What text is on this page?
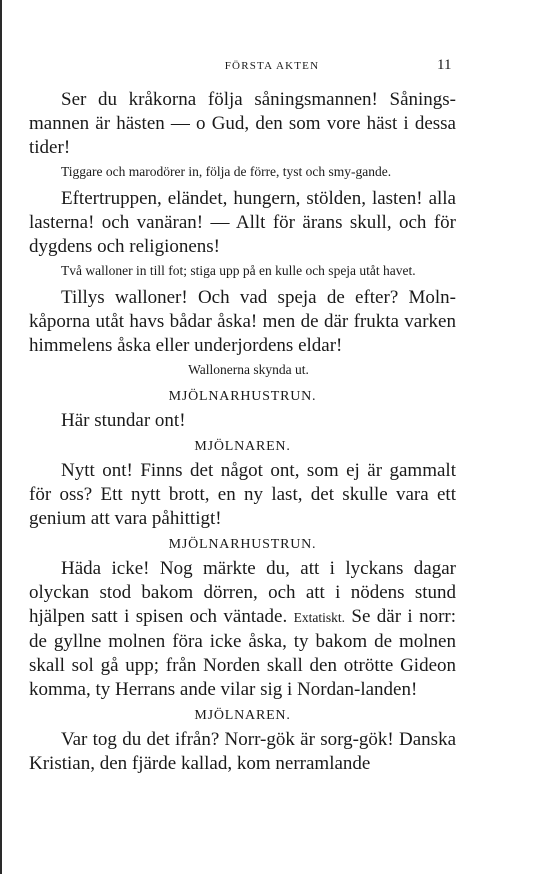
FÖRSTA AKTEN	11

Ser du kråkorna följa såningsmannen! Sånings-mannen är hästen — o Gud, den som vore häst i dessa tider!

Tiggare och marodörer in, följa de förre, tyst och smy-gande.

Eftertruppen, eländet, hungern, stölden, lasten! alla lasterna! och vanäran! — Allt för ärans skull, och för dygdens och religionens!

Två walloner in till fot; stiga upp på en kulle och speja utåt havet.

Tillys walloner! Och vad speja de efter? Moln-kåporna utåt havs bådar åska! men de där frukta varken himmelens åska eller underjordens eldar!

Wallonerna skynda ut.

MJÖLNARHUSTRUN.

Här stundar ont!

MJÖLNAREN.

Nytt ont! Finns det något ont, som ej är gammalt för oss? Ett nytt brott, en ny last, det skulle vara ett genium att vara påhittigt!

MJÖLNARHUSTRUN.

Häda icke! Nog märkte du, att i lyckans dagar olyckan stod bakom dörren, och att i nödens stund hjälpen satt i spisen och väntade. Extatiskt. Se där i norr: de gyllne molnen föra icke åska, ty bakom de molnen skall sol gå upp; från Norden skall den otrötte Gideon komma, ty Herrans ande vilar sig i Nordan-landen!

MJÖLNAREN.

Var tog du det ifrån? Norr-gök är sorg-gök! Danska Kristian, den fjärde kallad, kom nerramlande
